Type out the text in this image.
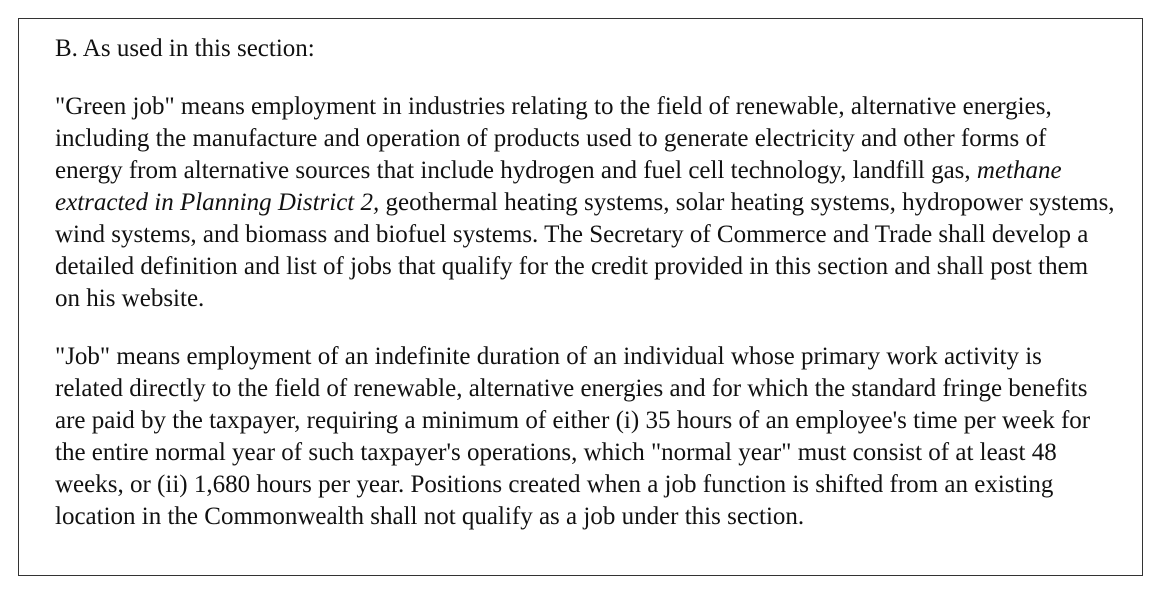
B. As used in this section:

"Green job" means employment in industries relating to the field of renewable, alternative energies, including the manufacture and operation of products used to generate electricity and other forms of energy from alternative sources that include hydrogen and fuel cell technology, landfill gas, methane extracted in Planning District 2, geothermal heating systems, solar heating systems, hydropower systems, wind systems, and biomass and biofuel systems. The Secretary of Commerce and Trade shall develop a detailed definition and list of jobs that qualify for the credit provided in this section and shall post them on his website.

"Job" means employment of an indefinite duration of an individual whose primary work activity is related directly to the field of renewable, alternative energies and for which the standard fringe benefits are paid by the taxpayer, requiring a minimum of either (i) 35 hours of an employee's time per week for the entire normal year of such taxpayer's operations, which "normal year" must consist of at least 48 weeks, or (ii) 1,680 hours per year. Positions created when a job function is shifted from an existing location in the Commonwealth shall not qualify as a job under this section.
